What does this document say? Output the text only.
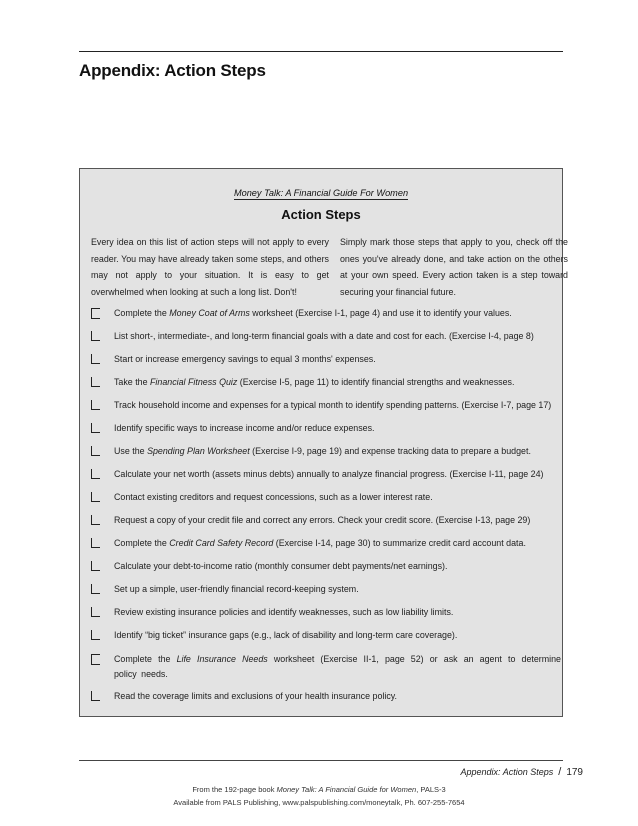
Appendix: Action Steps
Money Talk: A Financial Guide For Women
Action Steps
Every idea on this list of action steps will not apply to every reader. You may have already taken some steps, and others may not apply to your situation. It is easy to get overwhelmed when looking at such a long list. Don't!
Simply mark those steps that apply to you, check off the ones you've already done, and take action on the others at your own speed. Every action taken is a step toward securing your financial future.
Complete the Money Coat of Arms worksheet (Exercise I-1, page 4) and use it to identify your values.
List short-, intermediate-, and long-term financial goals with a date and cost for each. (Exercise I-4, page 8)
Start or increase emergency savings to equal 3 months' expenses.
Take the Financial Fitness Quiz (Exercise I-5, page 11) to identify financial strengths and weaknesses.
Track household income and expenses for a typical month to identify spending patterns. (Exercise I-7, page 17)
Identify specific ways to increase income and/or reduce expenses.
Use the Spending Plan Worksheet (Exercise I-9, page 19) and expense tracking data to prepare a budget.
Calculate your net worth (assets minus debts) annually to analyze financial progress. (Exercise I-11, page 24)
Contact existing creditors and request concessions, such as a lower interest rate.
Request a copy of your credit file and correct any errors. Check your credit score. (Exercise I-13, page 29)
Complete the Credit Card Safety Record (Exercise I-14, page 30) to summarize credit card account data.
Calculate your debt-to-income ratio (monthly consumer debt payments/net earnings).
Set up a simple, user-friendly financial record-keeping system.
Review existing insurance policies and identify weaknesses, such as low liability limits.
Identify “big ticket” insurance gaps (e.g., lack of disability and long-term care coverage).
Complete the Life Insurance Needs worksheet (Exercise II-1, page 52) or ask an agent to determine policy needs.
Read the coverage limits and exclusions of your health insurance policy.
Appendix: Action Steps / 179
From the 192-page book Money Talk: A Financial Guide for Women, PALS-3
Available from PALS Publishing, www.palspublishing.com/moneytalk, Ph. 607-255-7654
